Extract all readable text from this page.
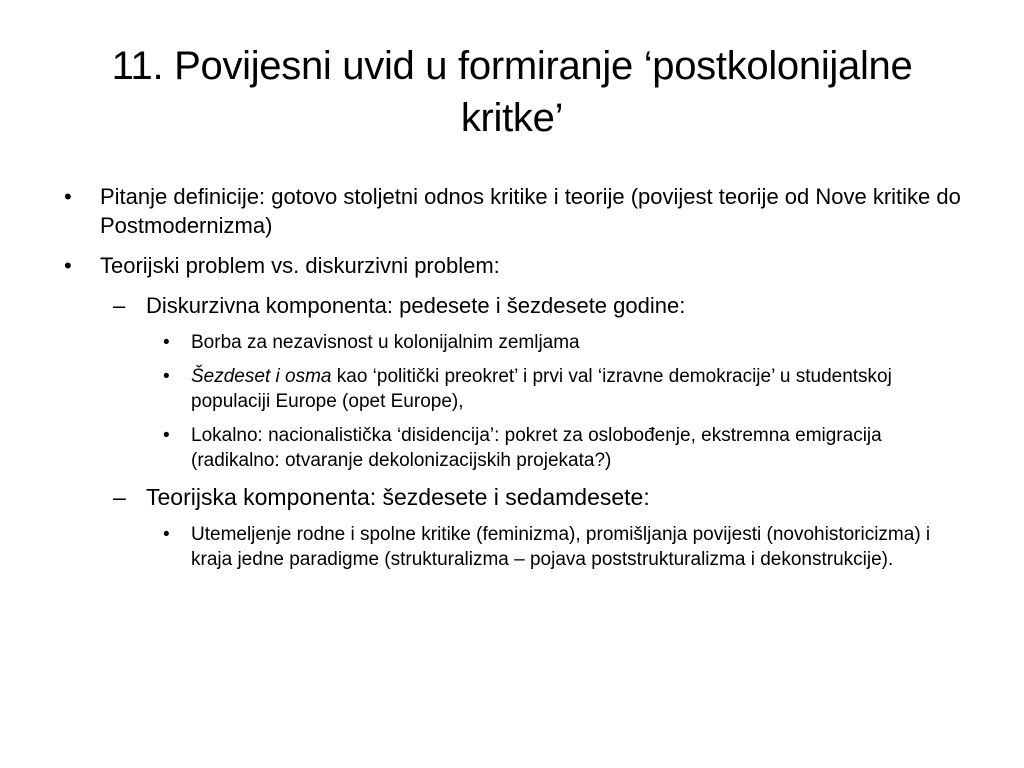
11. Povijesni uvid u formiranje ‘postkolonijalne kritke’
• Pitanje definicije: gotovo stoljetni odnos kritike i teorije (povijest teorije od Nove kritike do Postmodernizma)
• Teorijski problem vs. diskurzivni problem:
– Diskurzivna komponenta: pedesete i šezdesete godine:
• Borba za nezavisnost u kolonijalnim zemljama
• Šezdeset i osma kao ‘politički preokret’ i prvi val ‘izravne demokracije’ u studentskoj populaciji Europe (opet Europe),
• Lokalno: nacionalistička ‘disidencija’: pokret za oslobođenje, ekstremna emigracija (radikalno: otvaranje dekolonizacijskih projekata?)
– Teorijska komponenta: šezdesete i sedamdesete:
• Utemeljenje rodne i spolne kritike (feminizma), promišljanja povijesti (novohistoricizma) i kraja jedne paradigme (strukturalizma – pojava poststrukturalizma i dekonstrukcije).
